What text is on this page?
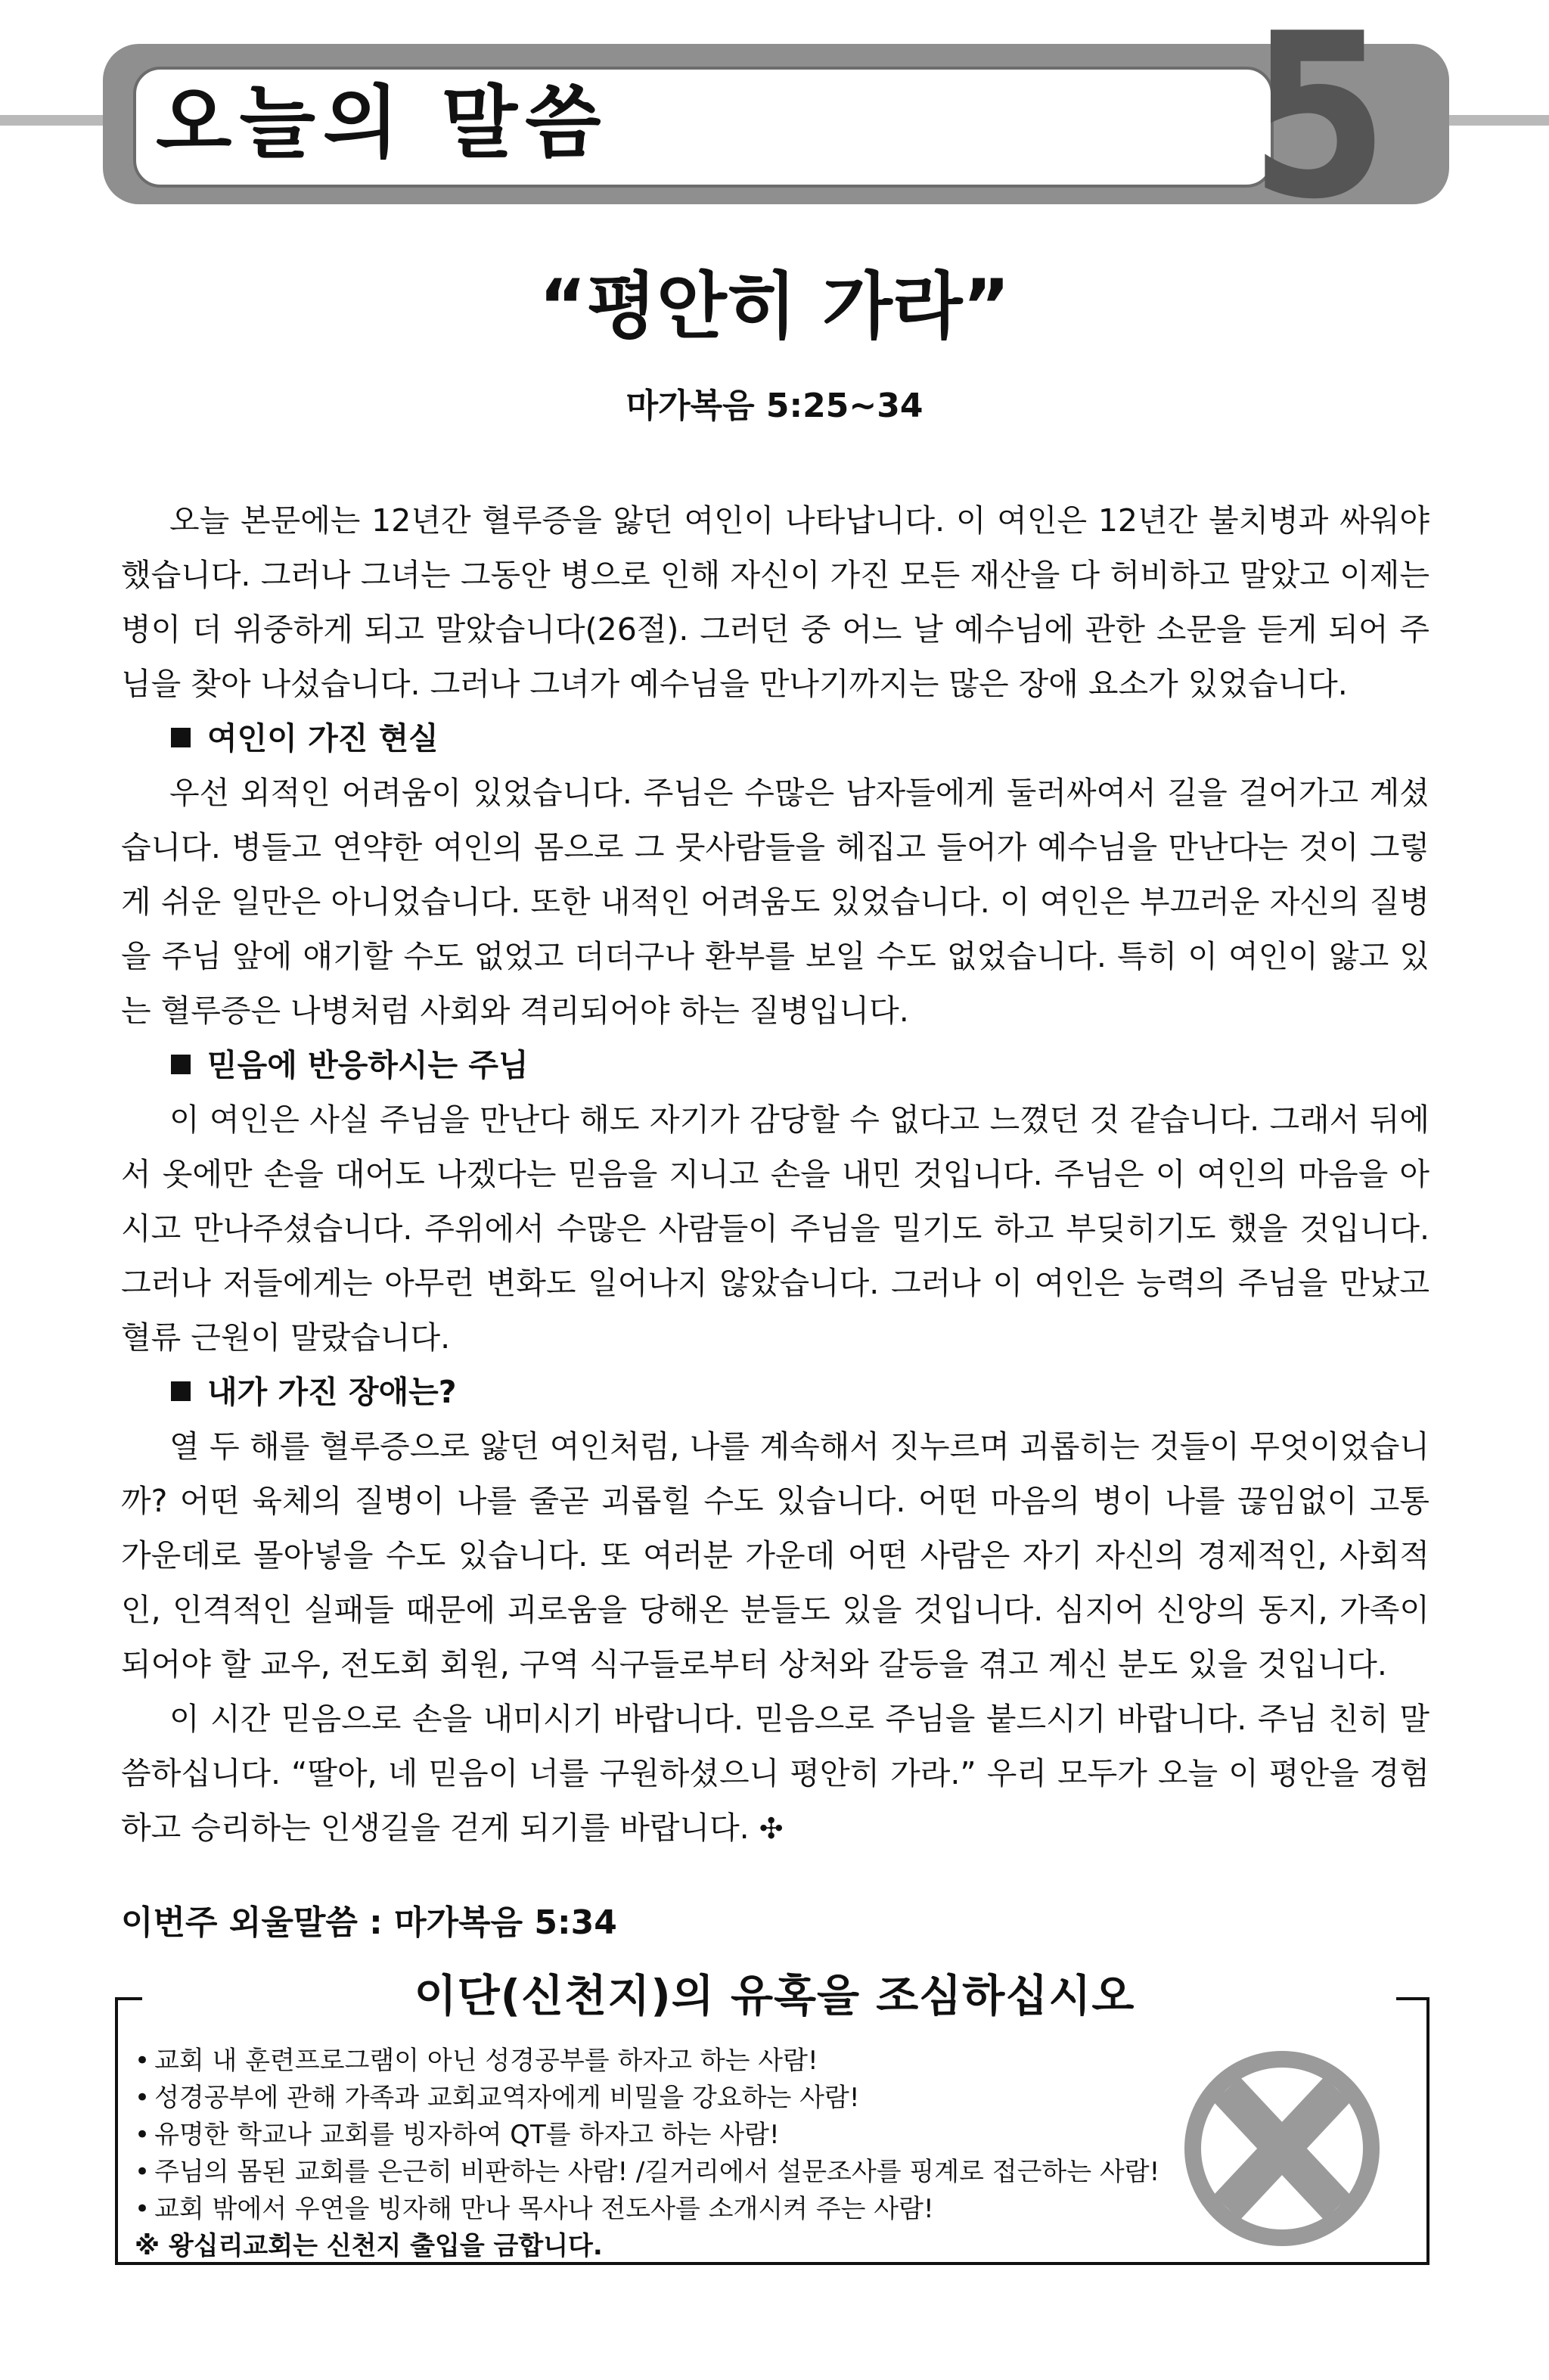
오늘의 말씀	5
“평안히 가라”
마가복음 5:25~34

오늘 본문에는 12년간 혈루증을 앓던 여인이 나타납니다. 이 여인은 12년간 불치병과 싸워야 했습니다. 그러나 그녀는 그동안 병으로 인해 자신이 가진 모든 재산을 다 허비하고 말았고 이제는 병이 더 위중하게 되고 말았습니다(26절). 그러던 중 어느 날 예수님에 관한 소문을 듣게 되어 주님을 찾아 나섰습니다. 그러나 그녀가 예수님을 만나기까지는 많은 장애 요소가 있었습니다.

여인이 가진 현실

우선 외적인 어려움이 있었습니다. 주님은 수많은 남자들에게 둘러싸여서 길을 걸어가고 계셨습니다. 병들고 연약한 여인의 몸으로 그 뭇사람들을 헤집고 들어가 예수님을 만난다는 것이 그렇게 쉬운 일만은 아니었습니다. 또한 내적인 어려움도 있었습니다. 이 여인은 부끄러운 자신의 질병을 주님 앞에 얘기할 수도 없었고 더더구나 환부를 보일 수도 없었습니다. 특히 이 여인이 앓고 있는 혈루증은 나병처럼 사회와 격리되어야 하는 질병입니다.

믿음에 반응하시는 주님

이 여인은 사실 주님을 만난다 해도 자기가 감당할 수 없다고 느꼈던 것 같습니다. 그래서 뒤에서 옷에만 손을 대어도 나겠다는 믿음을 지니고 손을 내민 것입니다. 주님은 이 여인의 마음을 아시고 만나주셨습니다. 주위에서 수많은 사람들이 주님을 밀기도 하고 부딪히기도 했을 것입니다. 그러나 저들에게는 아무런 변화도 일어나지 않았습니다. 그러나 이 여인은 능력의 주님을 만났고 혈류 근원이 말랐습니다.

내가 가진 장애는?

열 두 해를 혈루증으로 앓던 여인처럼, 나를 계속해서 짓누르며 괴롭히는 것들이 무엇이었습니까? 어떤 육체의 질병이 나를 줄곧 괴롭힐 수도 있습니다. 어떤 마음의 병이 나를 끊임없이 고통 가운데로 몰아넣을 수도 있습니다. 또 여러분 가운데 어떤 사람은 자기 자신의 경제적인, 사회적인, 인격적인 실패들 때문에 괴로움을 당해온 분들도 있을 것입니다. 심지어 신앙의 동지, 가족이 되어야 할 교우, 전도회 회원, 구역 식구들로부터 상처와 갈등을 겪고 계신 분도 있을 것입니다.

이 시간 믿음으로 손을 내미시기 바랍니다. 믿음으로 주님을 붙드시기 바랍니다. 주님 친히 말씀하십니다. “딸아, 네 믿음이 너를 구원하셨으니 평안히 가라.” 우리 모두가 오늘 이 평안을 경험하고 승리하는 인생길을 걷게 되기를 바랍니다. ✣

이번주 외울말씀 : 마가복음 5:34
이단(신천지)의 유혹을 조심하십시오
• 교회 내 훈련프로그램이 아닌 성경공부를 하자고 하는 사람!
• 성경공부에 관해 가족과 교회교역자에게 비밀을 강요하는 사람!
• 유명한 학교나 교회를 빙자하여 QT를 하자고 하는 사람!
• 주님의 몸된 교회를 은근히 비판하는 사람! /길거리에서 설문조사를 핑계로 접근하는 사람!
• 교회 밖에서 우연을 빙자해 만나 목사나 전도사를 소개시켜 주는 사람!
※ 왕십리교회는 신천지 출입을 금합니다.
